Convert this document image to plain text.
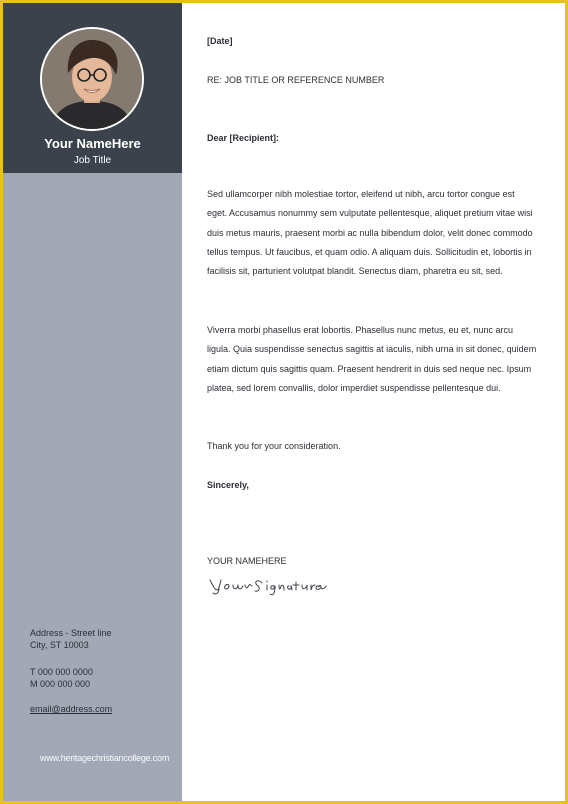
Your NameHere
Job Title
Address - Street line
City, ST 10003
T 000 000 0000
M 000 000 000
email@address.com
www.heritagechristiancollege.com
[Date]
RE: JOB TITLE OR REFERENCE NUMBER
Dear [Recipient]:
Sed ullamcorper nibh molestiae tortor, eleifend ut nibh, arcu tortor congue est eget. Accusamus nonummy sem vulputate pellentesque, aliquet pretium vitae wisi duis metus mauris, praesent morbi ac nulla bibendum dolor, velit donec commodo tellus tempus. Ut faucibus, et quam odio. A aliquam duis. Sollicitudin et, lobortis in facilisis sit, parturient volutpat blandit. Senectus diam, pharetra eu sit, sed.
Viverra morbi phasellus erat lobortis. Phasellus nunc metus, eu et, nunc arcu ligula. Quia suspendisse senectus sagittis at iaculis, nibh urna in sit donec, quidem etiam dictum quis sagittis quam. Praesent hendrerit in duis sed neque nec. Ipsum platea, sed lorem convallis, dolor imperdiet suspendisse pellentesque dui.
Thank you for your consideration.
Sincerely,
YOUR NAMEHERE
